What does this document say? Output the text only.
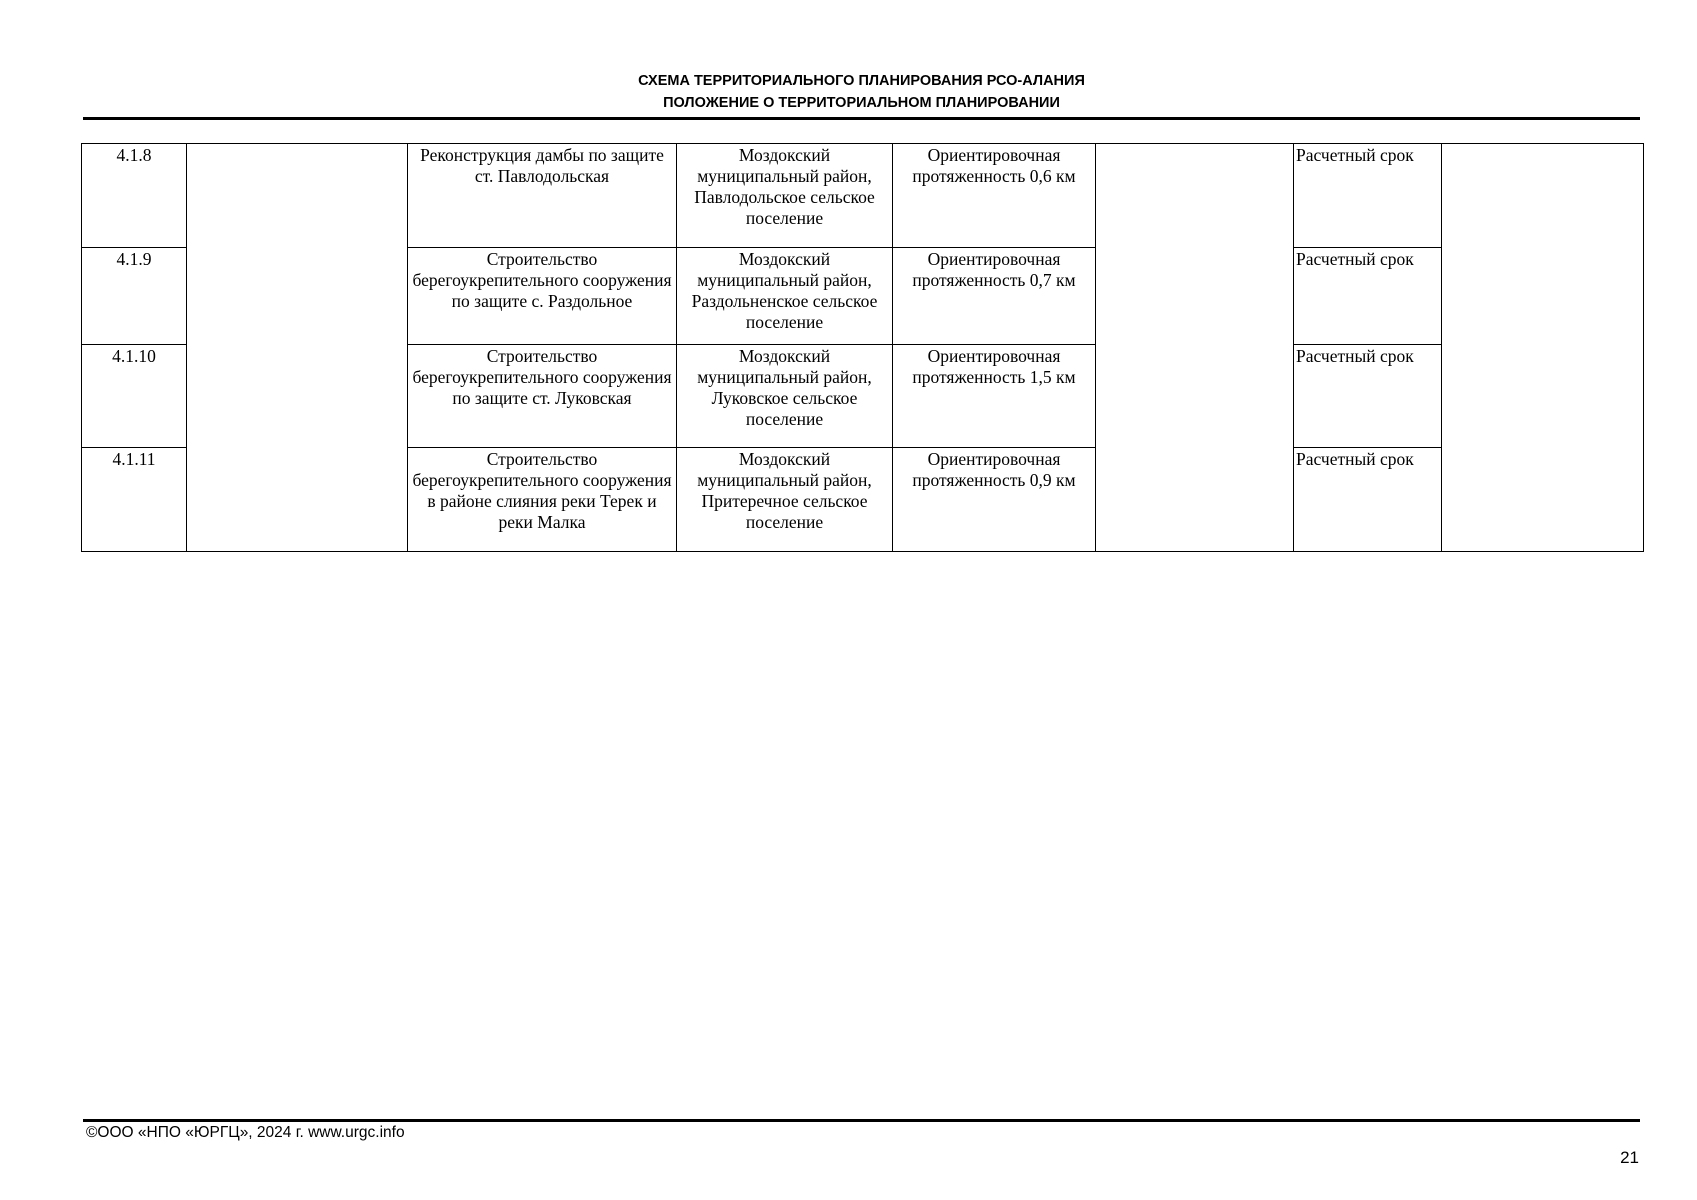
СХЕМА ТЕРРИТОРИАЛЬНОГО ПЛАНИРОВАНИЯ РСО-АЛАНИЯ
ПОЛОЖЕНИЕ О ТЕРРИТОРИАЛЬНОМ ПЛАНИРОВАНИИ
4.1.8		Реконструкция дамбы по защите ст. Павлодольская	Моздокский муниципальный район, Павлодольское сельское поселение	Ориентировочная протяженность 0,6 км		Расчетный срок	
4.1.9		Строительство берегоукрепительного сооружения по защите с. Раздольное	Моздокский муниципальный район, Раздольненское сельское поселение	Ориентировочная протяженность 0,7 км		Расчетный срок	
4.1.10		Строительство берегоукрепительного сооружения по защите ст. Луковская	Моздокский муниципальный район, Луковское сельское поселение	Ориентировочная протяженность 1,5 км		Расчетный срок	
4.1.11		Строительство берегоукрепительного сооружения в районе слияния реки Терек и реки Малка	Моздокский муниципальный район, Притеречное сельское поселение	Ориентировочная протяженность 0,9 км		Расчетный срок	
©ООО «НПО «ЮРГЦ», 2024 г. www.urgc.info
21
